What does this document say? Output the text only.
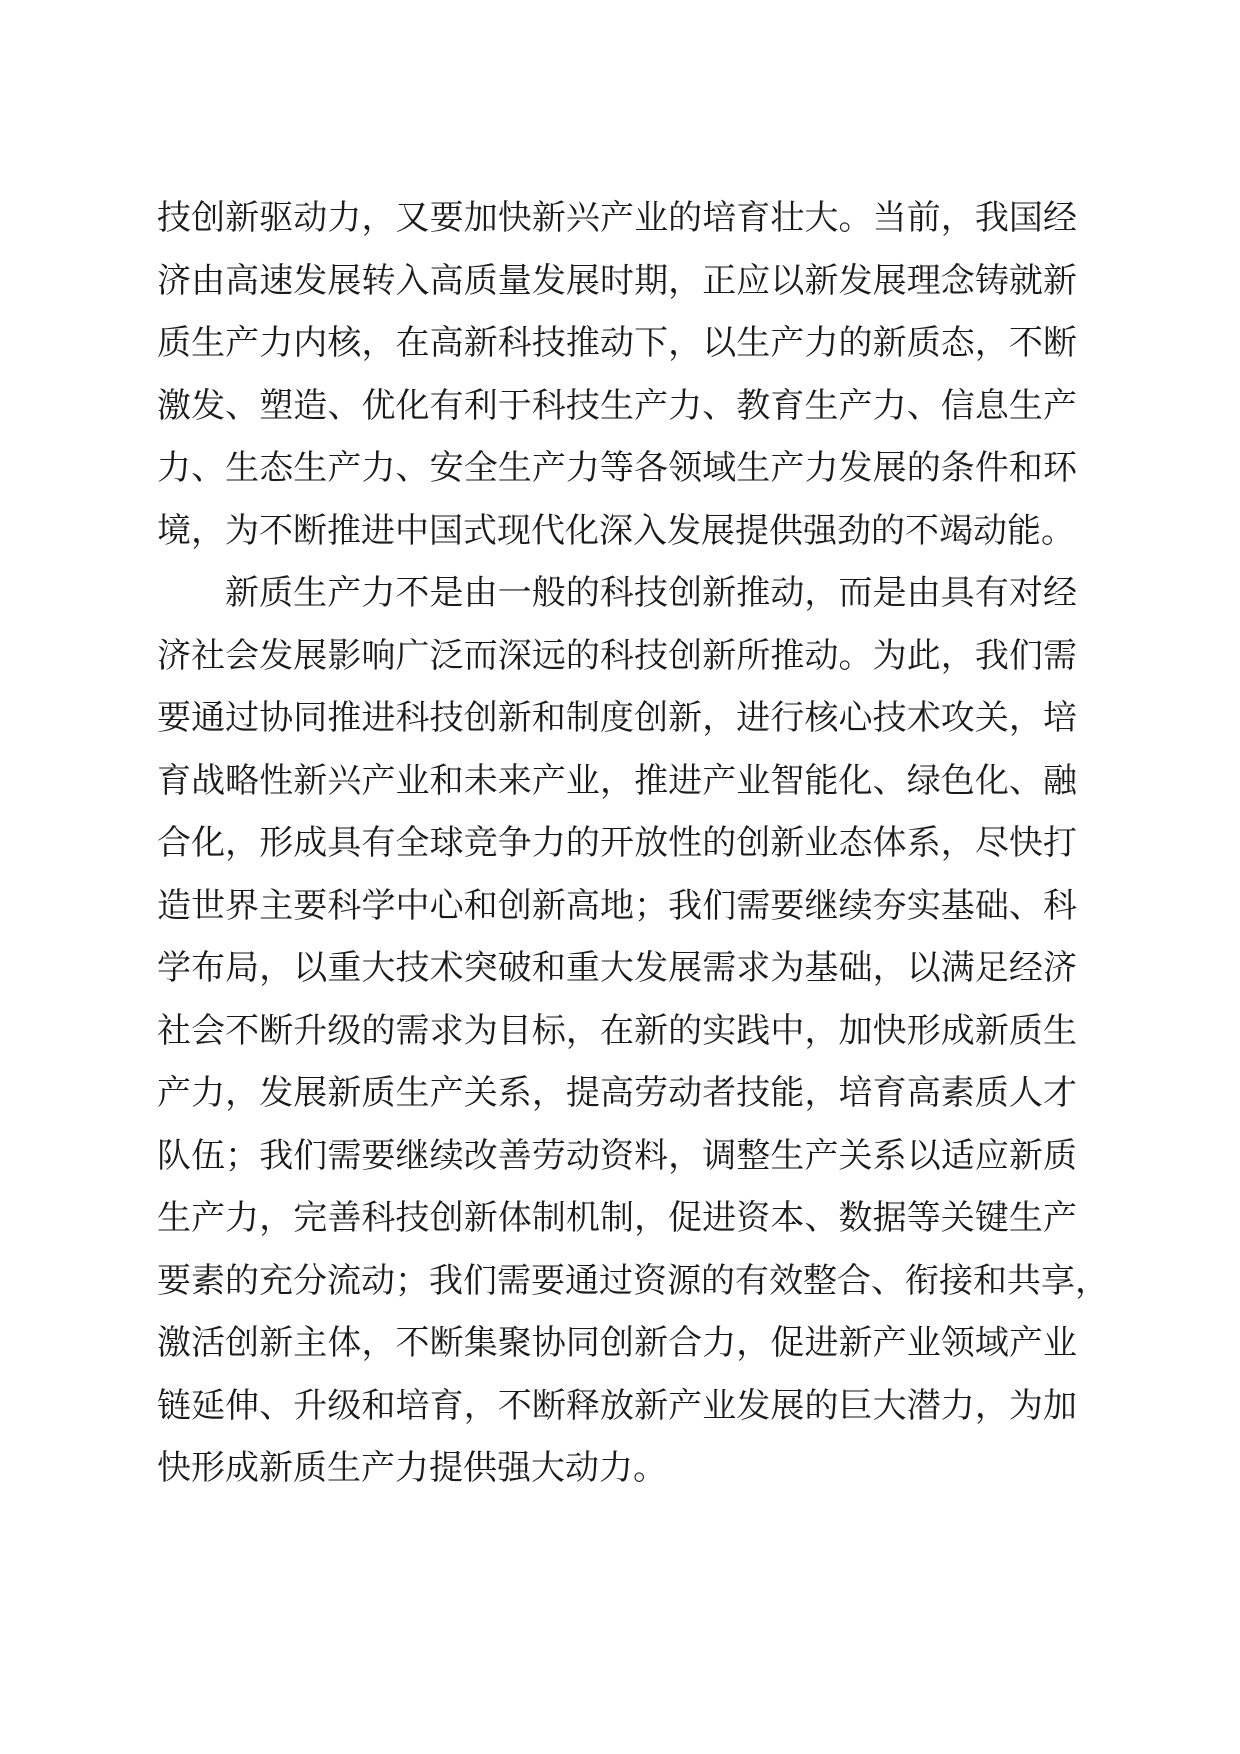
技创新驱动力，又要加快新兴产业的培育壮大。当前，我国经
济由高速发展转入高质量发展时期，正应以新发展理念铸就新
质生产力内核，在高新科技推动下，以生产力的新质态，不断
激发、塑造、优化有利于科技生产力、教育生产力、信息生产
力、生态生产力、安全生产力等各领域生产力发展的条件和环
境，为不断推进中国式现代化深入发展提供强劲的不竭动能。
新质生产力不是由一般的科技创新推动，而是由具有对经
济社会发展影响广泛而深远的科技创新所推动。为此，我们需
要通过协同推进科技创新和制度创新，进行核心技术攻关，培
育战略性新兴产业和未来产业，推进产业智能化、绿色化、融
合化，形成具有全球竞争力的开放性的创新业态体系，尽快打
造世界主要科学中心和创新高地；我们需要继续夯实基础、科
学布局，以重大技术突破和重大发展需求为基础，以满足经济
社会不断升级的需求为目标，在新的实践中，加快形成新质生
产力，发展新质生产关系，提高劳动者技能，培育高素质人才
队伍；我们需要继续改善劳动资料，调整生产关系以适应新质
生产力，完善科技创新体制机制，促进资本、数据等关键生产
要素的充分流动；我们需要通过资源的有效整合、衔接和共享，
激活创新主体，不断集聚协同创新合力，促进新产业领域产业
链延伸、升级和培育，不断释放新产业发展的巨大潜力，为加
快形成新质生产力提供强大动力。
